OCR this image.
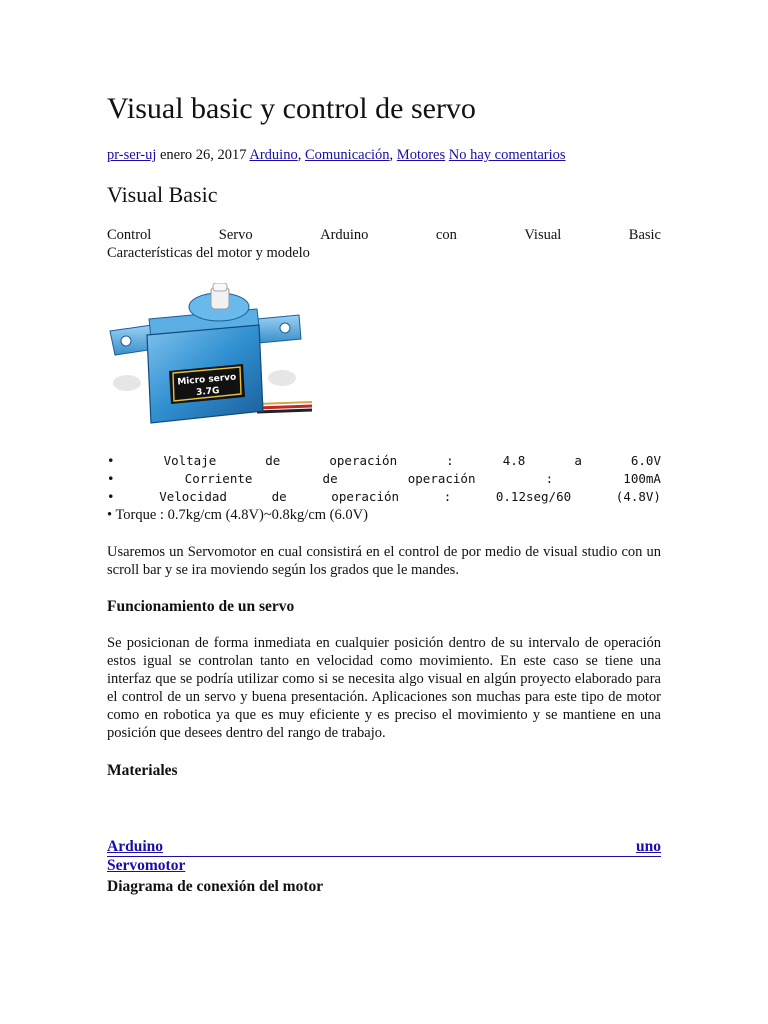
Visual basic y control de servo
pr-ser-uj enero 26, 2017 Arduino, Comunicación, Motores No hay comentarios
Visual Basic
Control	Servo	Arduino	con	Visual	Basic
Características del motor y modelo
Micro servo
3.7G
•	Voltaje	de	operación	:	4.8	a	6.0V
•	Corriente	de	operación	:	100mA
•	Velocidad	de	operación	:	0.12seg/60	(4.8V)
• Torque : 0.7kg/cm (4.8V)~0.8kg/cm (6.0V)
Usaremos un Servomotor en cual consistirá en el control de por medio de visual studio con un scroll bar y se ira moviendo según los grados que le mandes.
Funcionamiento de un servo
Se posicionan de forma inmediata en cualquier posición dentro de su intervalo de operación estos igual se controlan tanto en velocidad como movimiento. En este caso se tiene una interfaz que se podría utilizar como si se necesita algo visual en algún proyecto elaborado para el control de un servo y buena presentación. Aplicaciones son muchas para este tipo de motor como en robotica ya que es muy eficiente y es preciso el movimiento y se mantiene en una posición que desees dentro del rango de trabajo.
Materiales
Arduino	uno
Servomotor
Diagrama de conexión del motor
